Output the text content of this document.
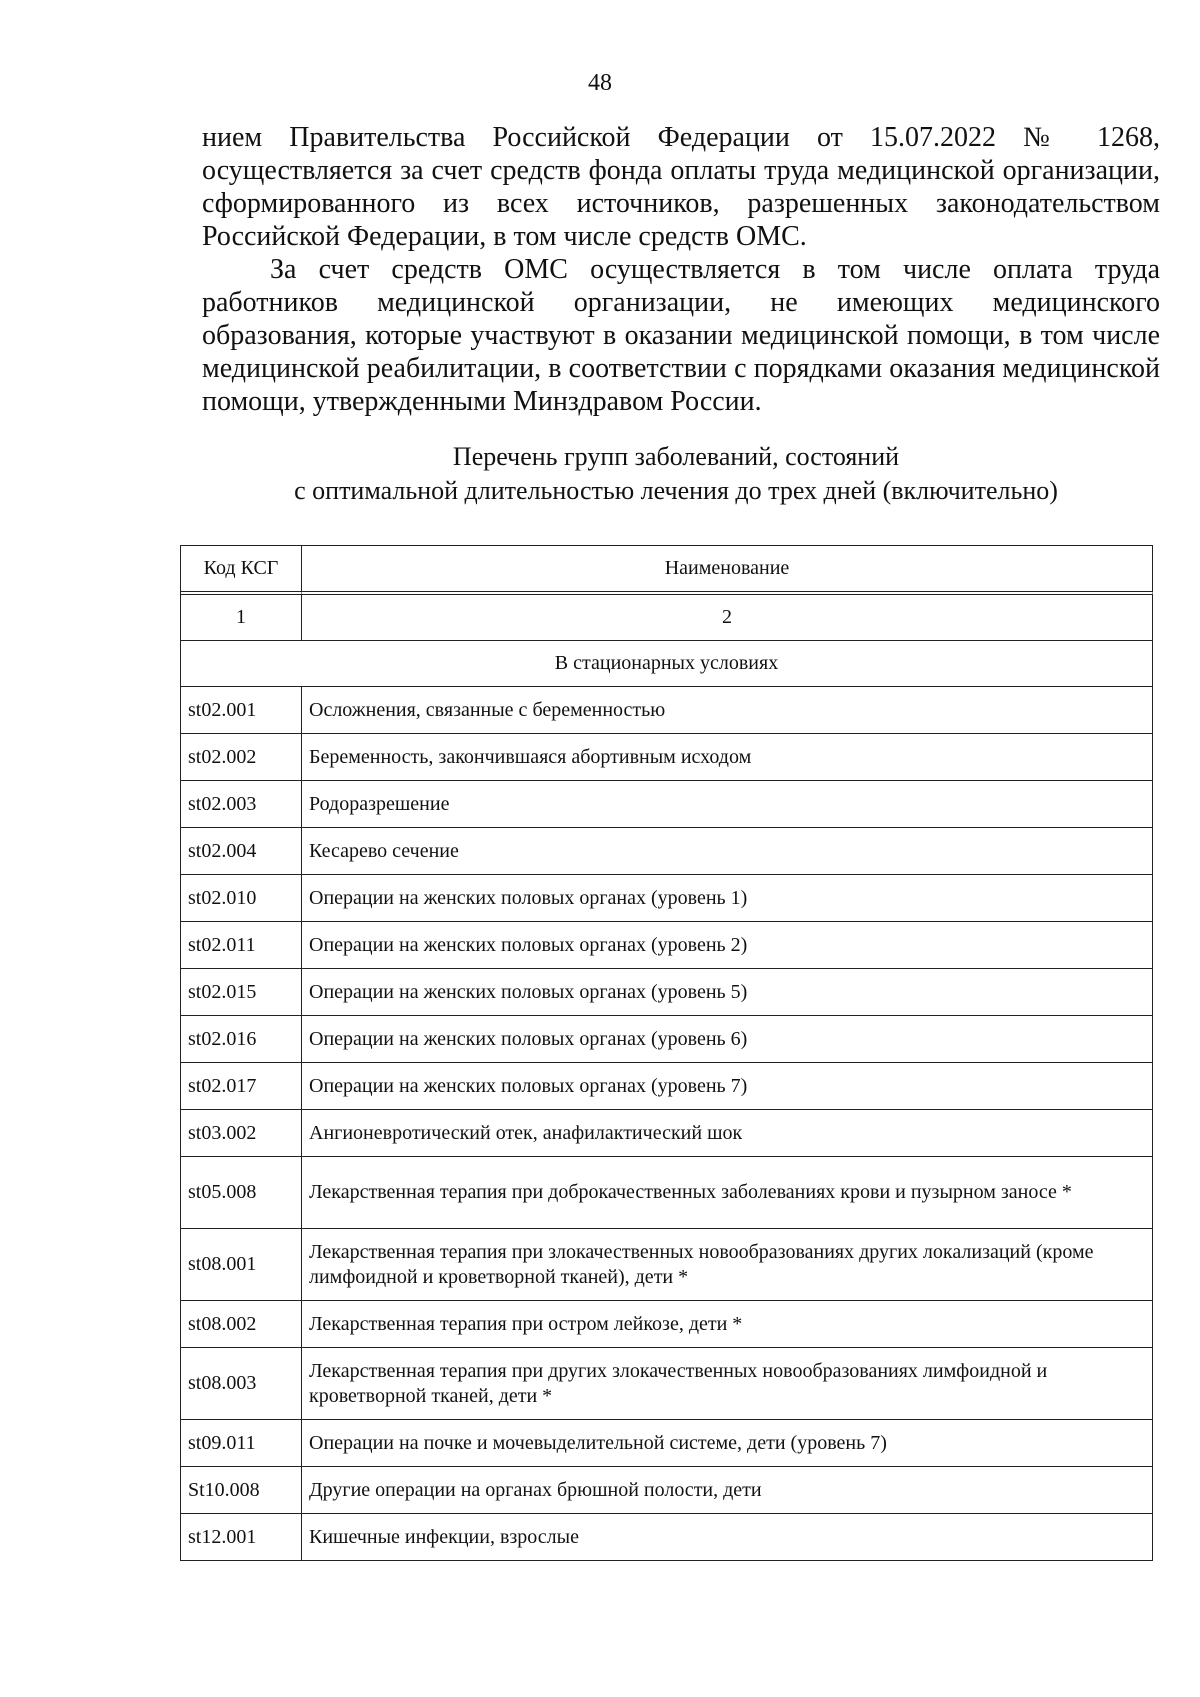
48

нием Правительства Российской Федерации от 15.07.2022 № 1268, осуществляется за счет средств фонда оплаты труда медицинской организации, сформированного из всех источников, разрешенных законодательством Российской Федерации, в том числе средств ОМС.

За счет средств ОМС осуществляется в том числе оплата труда работников медицинской организации, не имеющих медицинского образования, которые участвуют в оказании медицинской помощи, в том числе медицинской реабилитации, в соответствии с порядками оказания медицинской помощи, утвержденными Минздравом России.

Перечень групп заболеваний, состояний
с оптимальной длительностью лечения до трех дней (включительно)
Код КСГ	Наименование
1	2
В стационарных условиях	
st02.001	Осложнения, связанные с беременностью
st02.002	Беременность, закончившаяся абортивным исходом
st02.003	Родоразрешение
st02.004	Кесарево сечение
st02.010	Операции на женских половых органах (уровень 1)
st02.011	Операции на женских половых органах (уровень 2)
st02.015	Операции на женских половых органах (уровень 5)
st02.016	Операции на женских половых органах (уровень 6)
st02.017	Операции на женских половых органах (уровень 7)
st03.002	Ангионевротический отек, анафилактический шок
st05.008	Лекарственная терапия при доброкачественных заболеваниях крови и пузырном заносе *
st08.001	Лекарственная терапия при злокачественных новообразованиях других локализаций (кроме лимфоидной и кроветворной тканей), дети *
st08.002	Лекарственная терапия при остром лейкозе, дети *
st08.003	Лекарственная терапия при других злокачественных новообразованиях лимфоидной и кроветворной тканей, дети *
st09.011	Операции на почке и мочевыделительной системе, дети (уровень 7)
St10.008	Другие операции на органах брюшной полости, дети
st12.001	Кишечные инфекции, взрослые
